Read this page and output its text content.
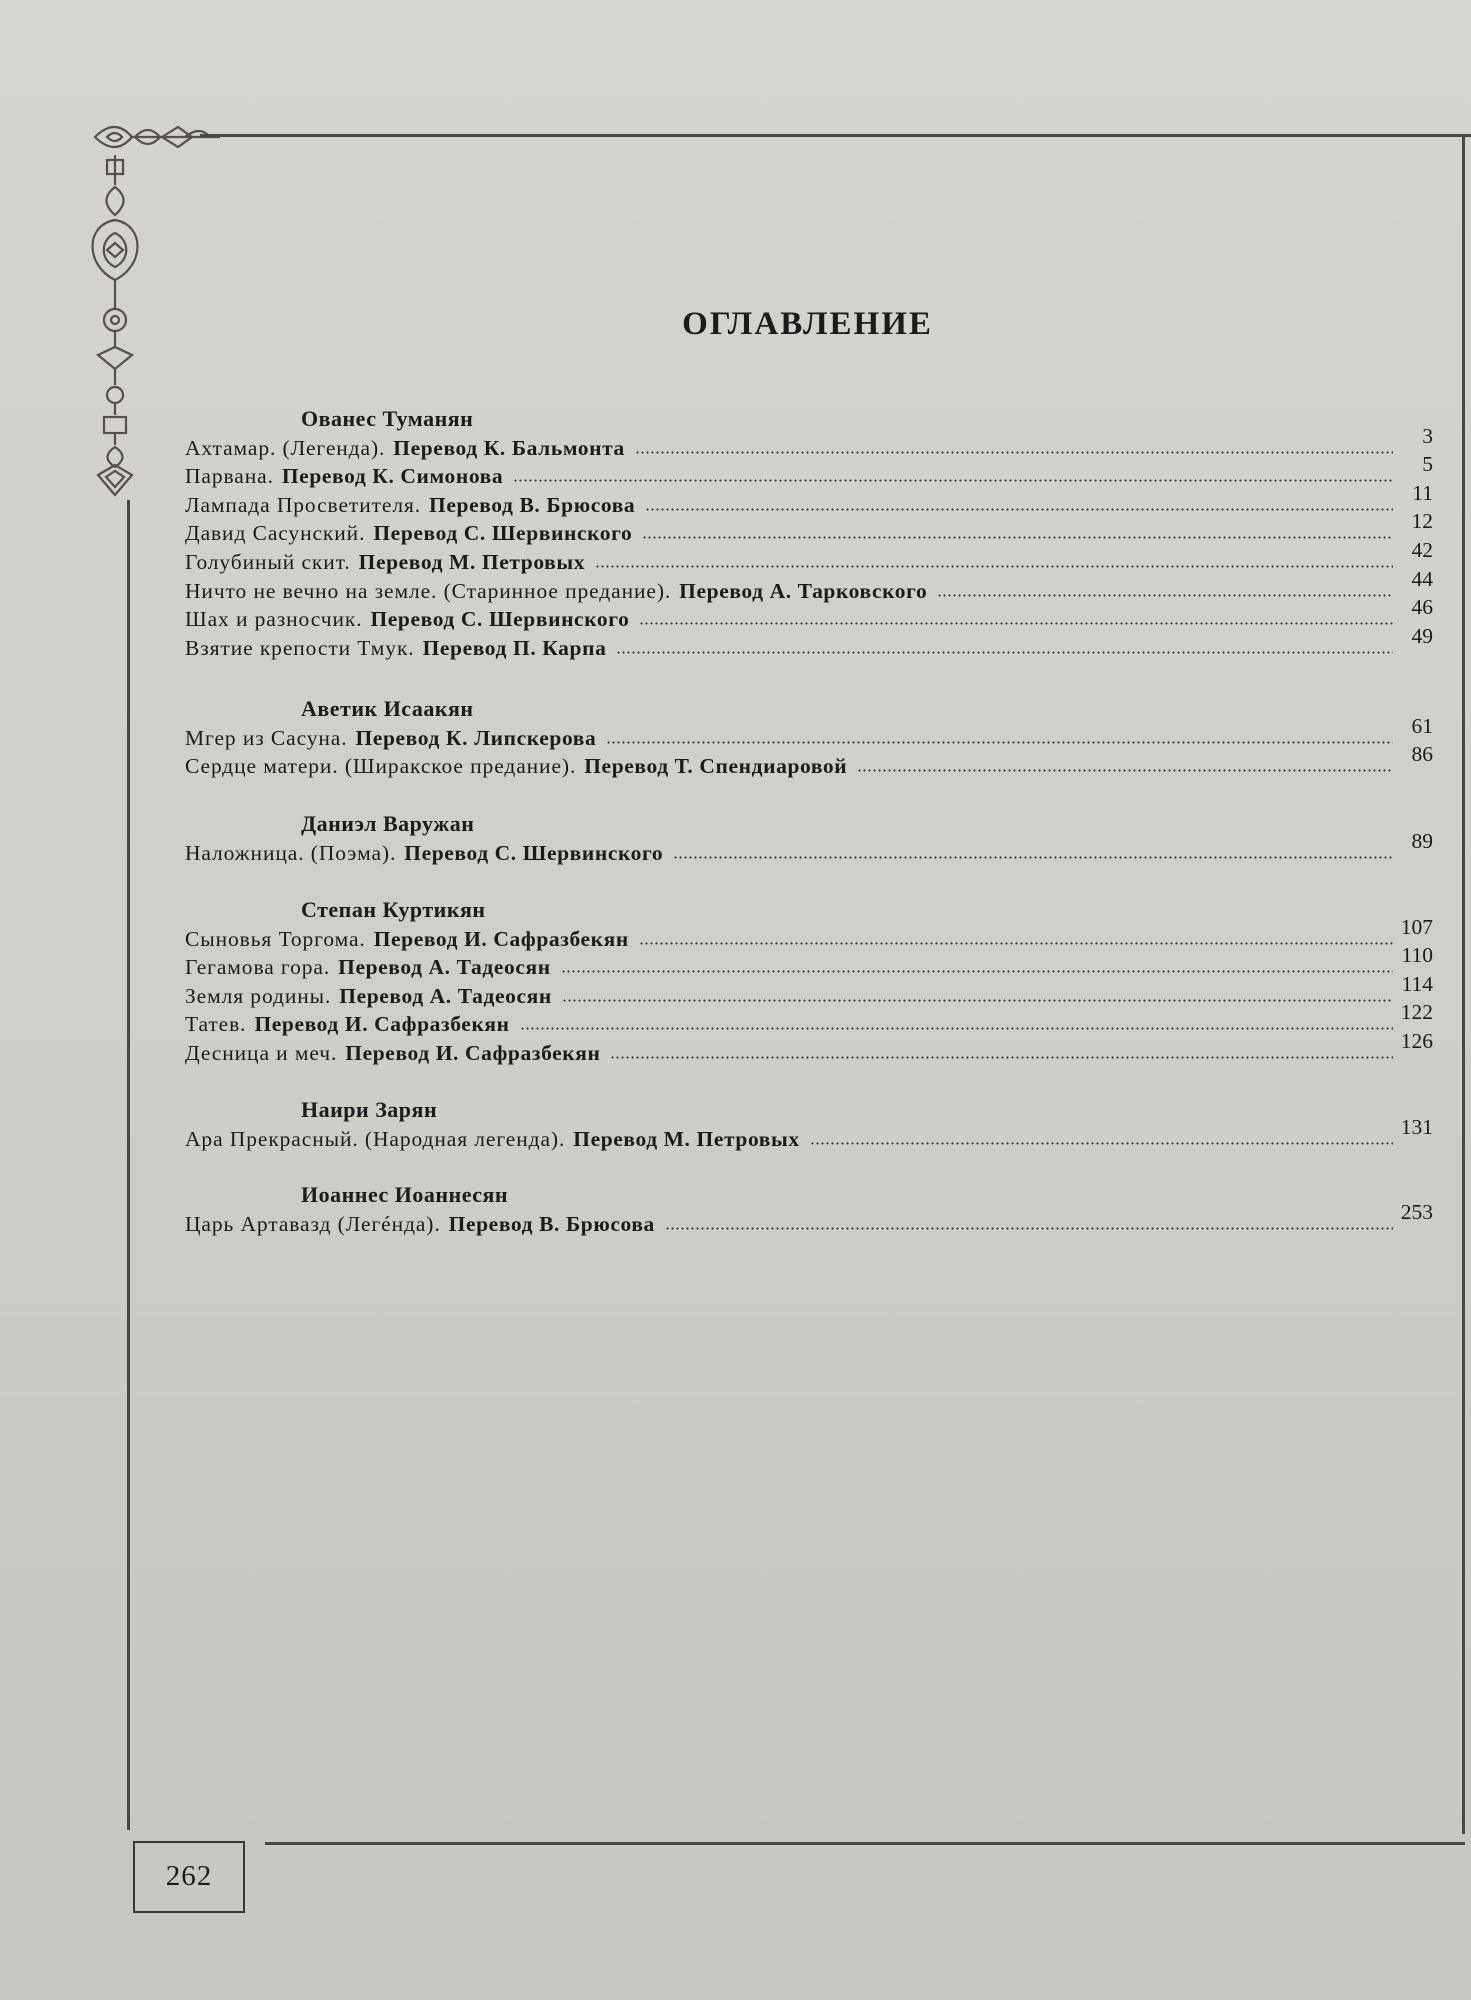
ОГЛАВЛЕНИЕ
Ованес Туманян
Ахтамар. (Легенда). Перевод К. Бальмонта	3
Парвана. Перевод К. Симонова	5
Лампада Просветителя. Перевод В. Брюсова	11
Давид Сасунский. Перевод С. Шервинского	12
Голубиный скит. Перевод М. Петровых	42
Ничто не вечно на земле. (Старинное предание). Перевод А. Тарковского	44
Шах и разносчик. Перевод С. Шервинского	46
Взятие крепости Тмук. Перевод П. Карпа	49
Аветик Исаакян
Мгер из Сасуна. Перевод К. Липскерова	61
Сердце матери. (Ширакское предание). Перевод Т. Спендиаровой	86
Даниэл Варужан
Наложница. (Поэма). Перевод С. Шервинского	89
Степан Куртикян
Сыновья Торгома. Перевод И. Сафразбекян	107
Гегамова гора. Перевод А. Тадеосян	110
Земля родины. Перевод А. Тадеосян	114
Татев. Перевод И. Сафразбекян	122
Десница и меч. Перевод И. Сафразбекян	126
Наири Зарян
Ара Прекрасный. (Народная легенда). Перевод М. Петровых	131
Иоаннес Иоаннесян
Царь Артавазд (Легéнда). Перевод В. Брюсова	253
262
